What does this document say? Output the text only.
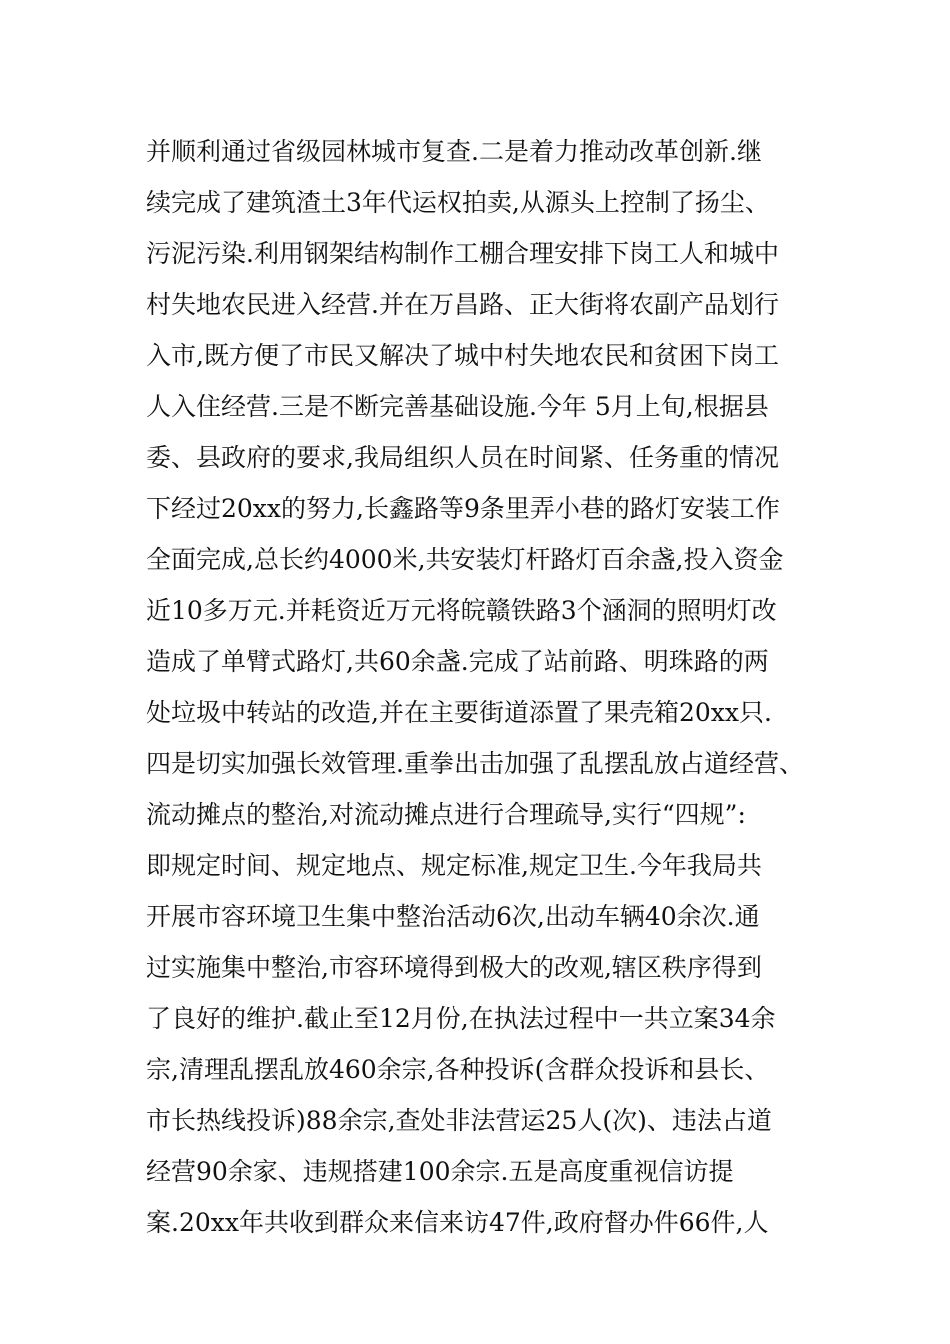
并顺利通过省级园林城市复查.二是着力推动改革创新.继
续完成了建筑渣土3年代运权拍卖,从源头上控制了扬尘、
污泥污染.利用钢架结构制作工棚合理安排下岗工人和城中
村失地农民进入经营.并在万昌路、正大街将农副产品划行
入市,既方便了市民又解决了城中村失地农民和贫困下岗工
人入住经营.三是不断完善基础设施.今年 5月上旬,根据县
委、县政府的要求,我局组织人员在时间紧、任务重的情况
下经过20xx的努力,长鑫路等9条里弄小巷的路灯安装工作
全面完成,总长约4000米,共安装灯杆路灯百余盏,投入资金
近10多万元.并耗资近万元将皖赣铁路3个涵洞的照明灯改
造成了单臂式路灯,共60余盏.完成了站前路、明珠路的两
处垃圾中转站的改造,并在主要街道添置了果壳箱20xx只.
四是切实加强长效管理.重拳出击加强了乱摆乱放占道经营、
流动摊点的整治,对流动摊点进行合理疏导,实行“四规”:
即规定时间、规定地点、规定标准,规定卫生.今年我局共
开展市容环境卫生集中整治活动6次,出动车辆40余次.通
过实施集中整治,市容环境得到极大的改观,辖区秩序得到
了良好的维护.截止至12月份,在执法过程中一共立案34余
宗,清理乱摆乱放460余宗,各种投诉(含群众投诉和县长、
市长热线投诉)88余宗,查处非法营运25人(次)、违法占道
经营90余家、违规搭建100余宗.五是高度重视信访提
案.20xx年共收到群众来信来访47件,政府督办件66件,人
